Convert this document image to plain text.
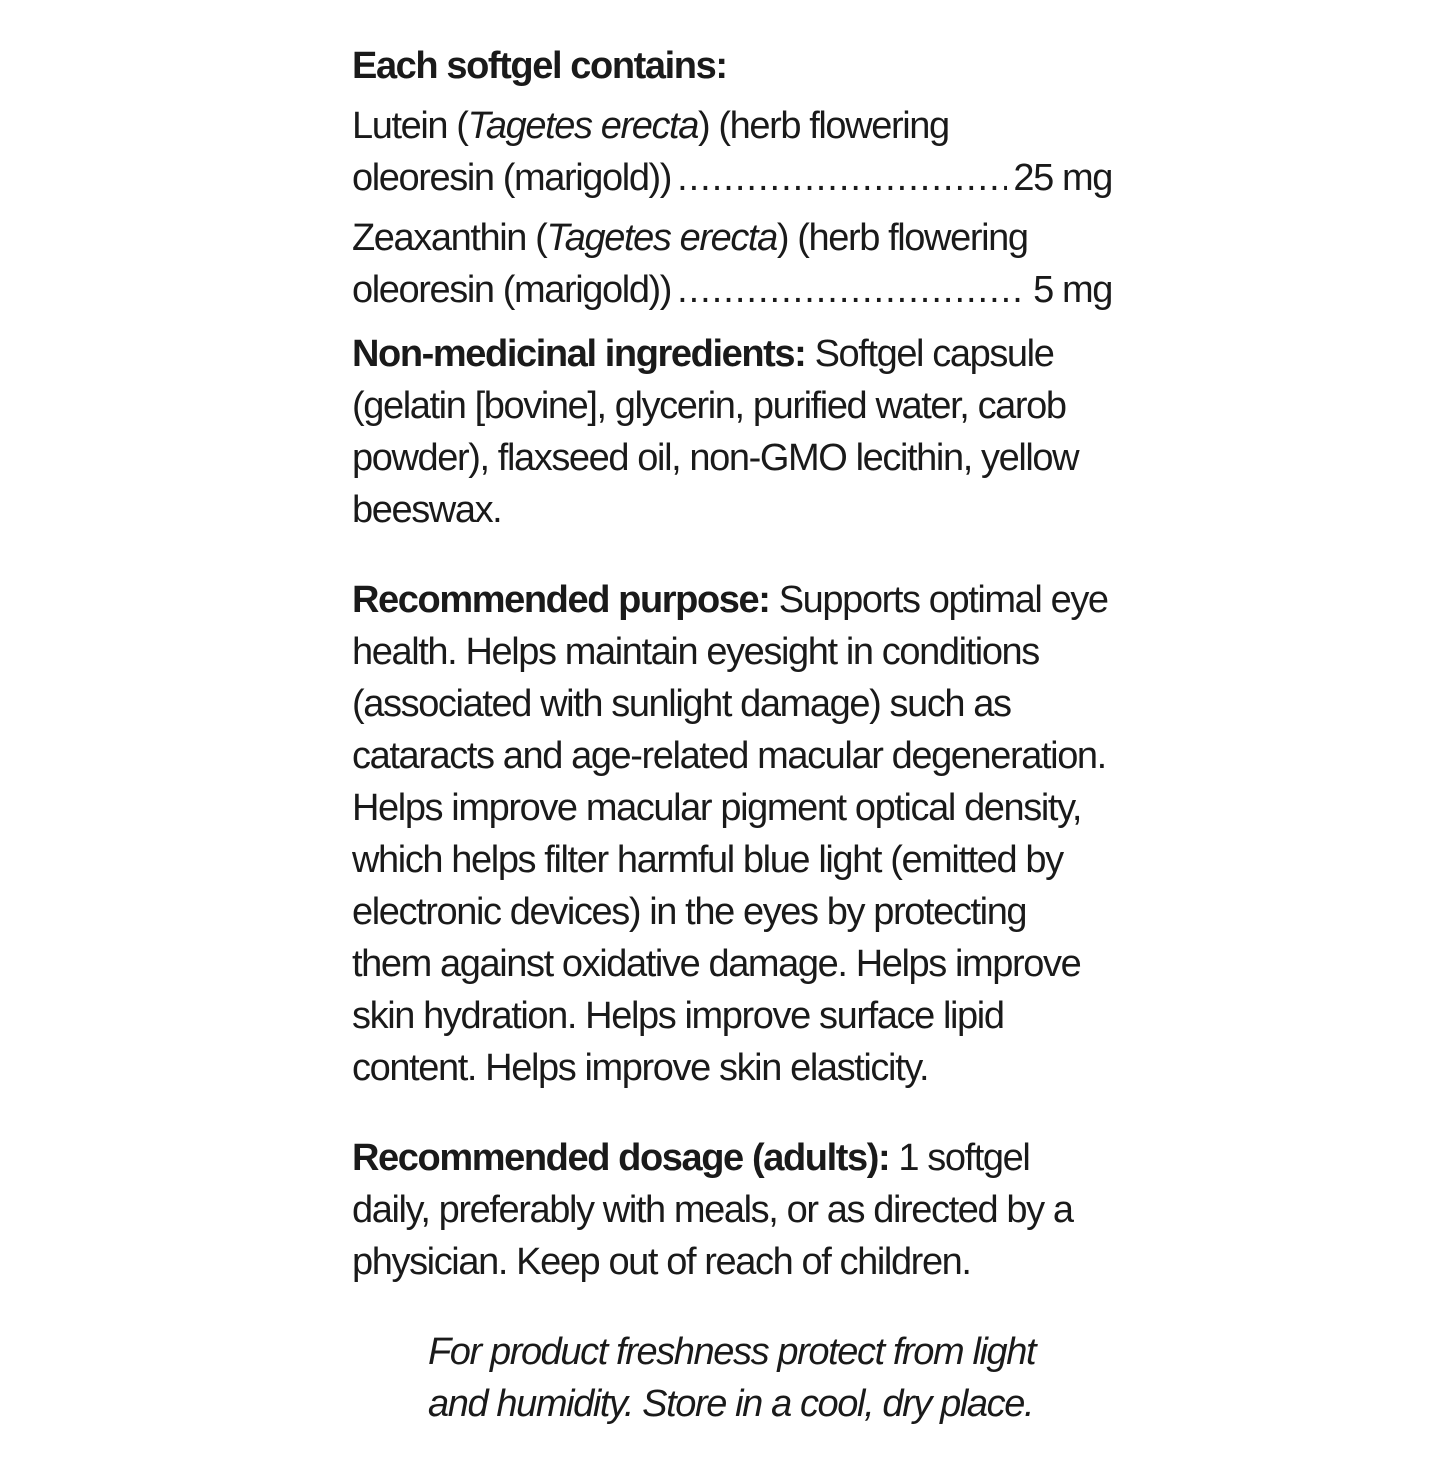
Each softgel contains:

Lutein (Tagetes erecta) (herb flowering
oleoresin (marigold)) .....	25 mg
Zeaxanthin (Tagetes erecta) (herb flowering
oleoresin (marigold)) .....	5 mg

Non-medicinal ingredients: Softgel capsule (gelatin [bovine], glycerin, purified water, carob powder), flaxseed oil, non-GMO lecithin, yellow beeswax.

Recommended purpose: Supports optimal eye health. Helps maintain eyesight in conditions (associated with sunlight damage) such as cataracts and age-related macular degeneration. Helps improve macular pigment optical density, which helps filter harmful blue light (emitted by electronic devices) in the eyes by protecting them against oxidative damage. Helps improve skin hydration. Helps improve surface lipid content. Helps improve skin elasticity.

Recommended dosage (adults): 1 softgel daily, preferably with meals, or as directed by a physician. Keep out of reach of children.

For product freshness protect from light and humidity. Store in a cool, dry place.
